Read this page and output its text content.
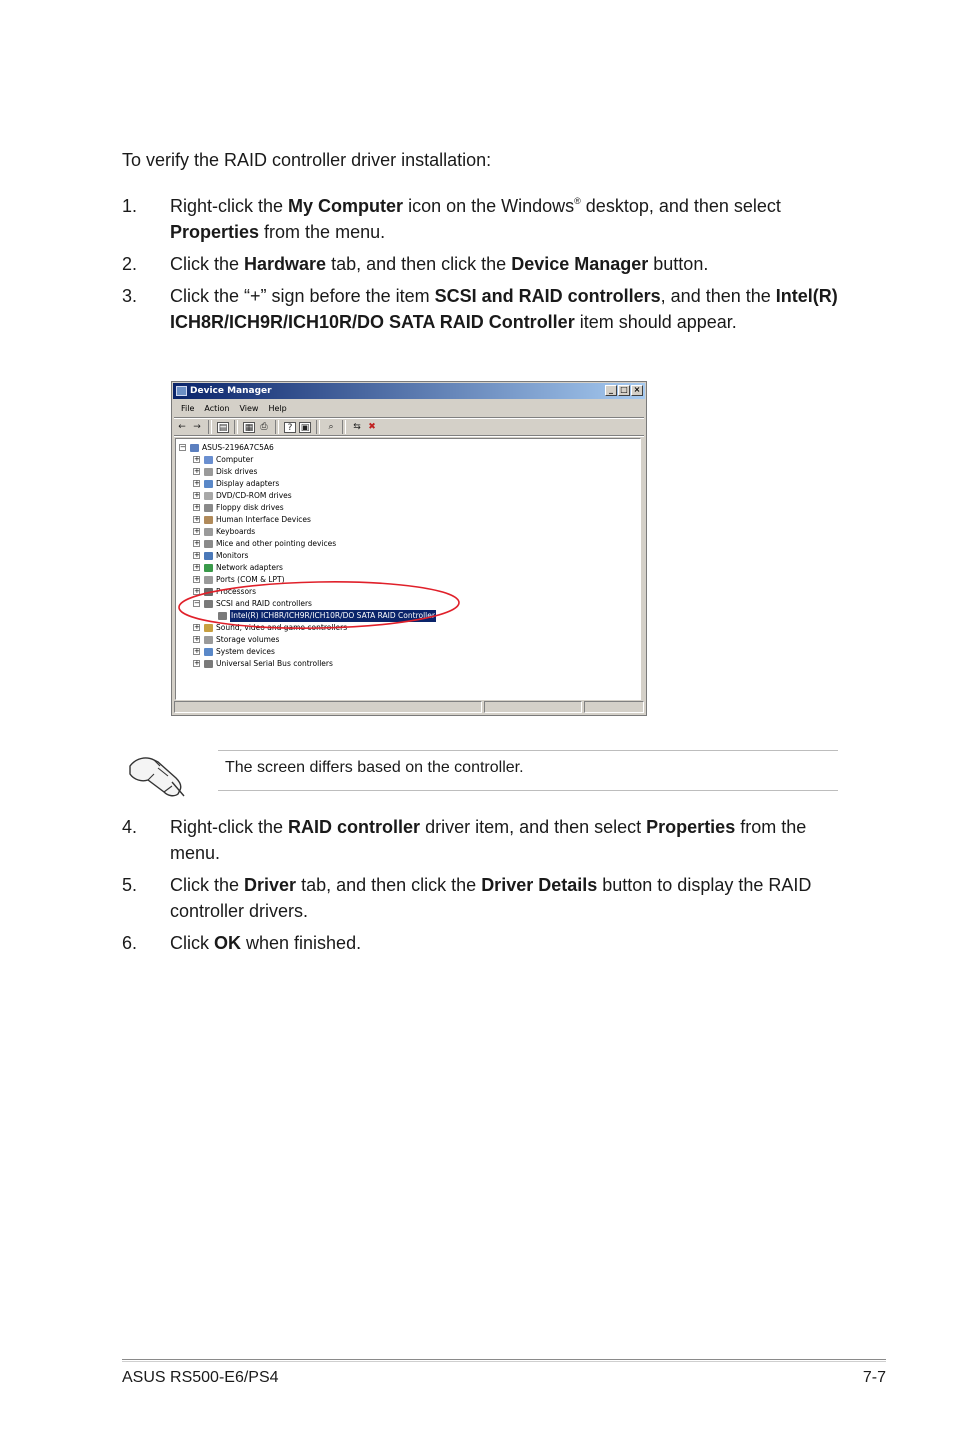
To verify the RAID controller driver installation:
1. Right-click the My Computer icon on the Windows® desktop, and then select Properties from the menu.
2. Click the Hardware tab, and then click the Device Manager button.
3. Click the “+” sign before the item SCSI and RAID controllers, and then the Intel(R) ICH8R/ICH9R/ICH10R/DO SATA RAID Controller item should appear.
Device Manager	_ □ ×
File	Action	View	Help
← → ▤ ▦ ⎙	? ▣	⌕	⇆ ✖
− ASUS-2196A7C5A6
+ Computer
+ Disk drives
+ Display adapters
+ DVD/CD-ROM drives
+ Floppy disk drives
+ Human Interface Devices
+ Keyboards
+ Mice and other pointing devices
+ Monitors
+ Network adapters
+ Ports (COM & LPT)
+ Processors
− SCSI and RAID controllers
Intel(R) ICH8R/ICH9R/ICH10R/DO SATA RAID Controller
+ Sound, video and game controllers
+ Storage volumes
+ System devices
+ Universal Serial Bus controllers
The screen differs based on the controller.
4. Right-click the RAID controller driver item, and then select Properties from the menu.
5. Click the Driver tab, and then click the Driver Details button to display the RAID controller drivers.
6. Click OK when finished.
ASUS RS500-E6/PS4	7-7
